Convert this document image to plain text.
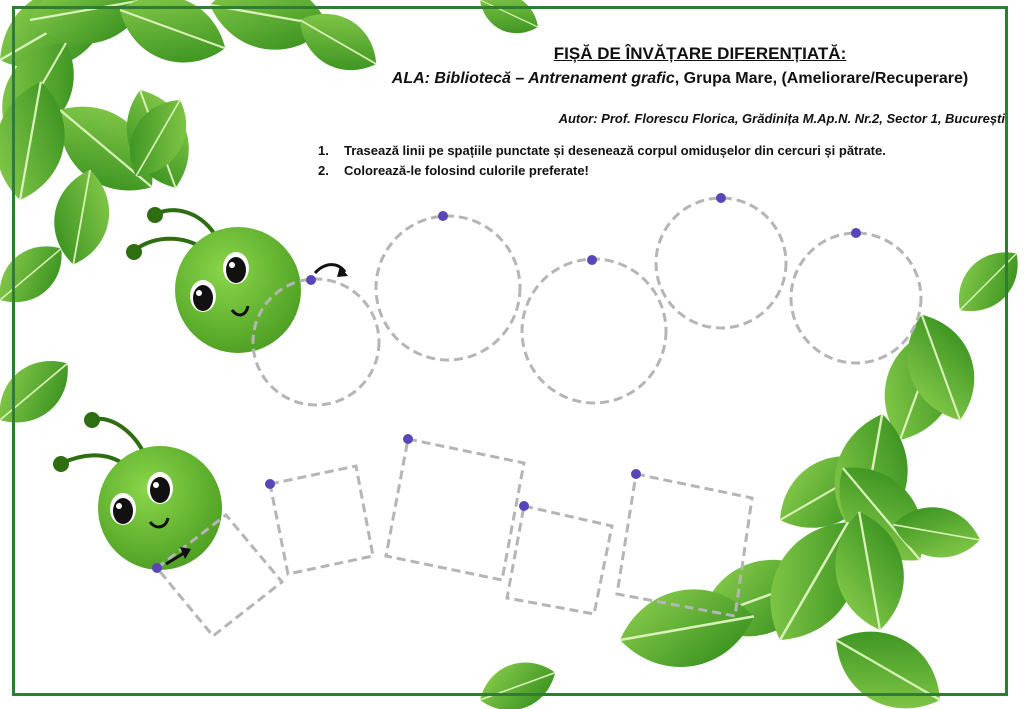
FIȘĂ DE ÎNVĂȚARE DIFERENȚIATĂ:
ALA: Bibliotecă – Antrenament grafic, Grupa Mare, (Ameliorare/Recuperare)
Autor: Prof. Florescu Florica, Grădinița M.Ap.N. Nr.2, Sector 1, București
1. Trasează linii pe spațiile punctate și desenează corpul omidușelor din cercuri și pătrate.
2. Colorează-le folosind culorile preferate!
